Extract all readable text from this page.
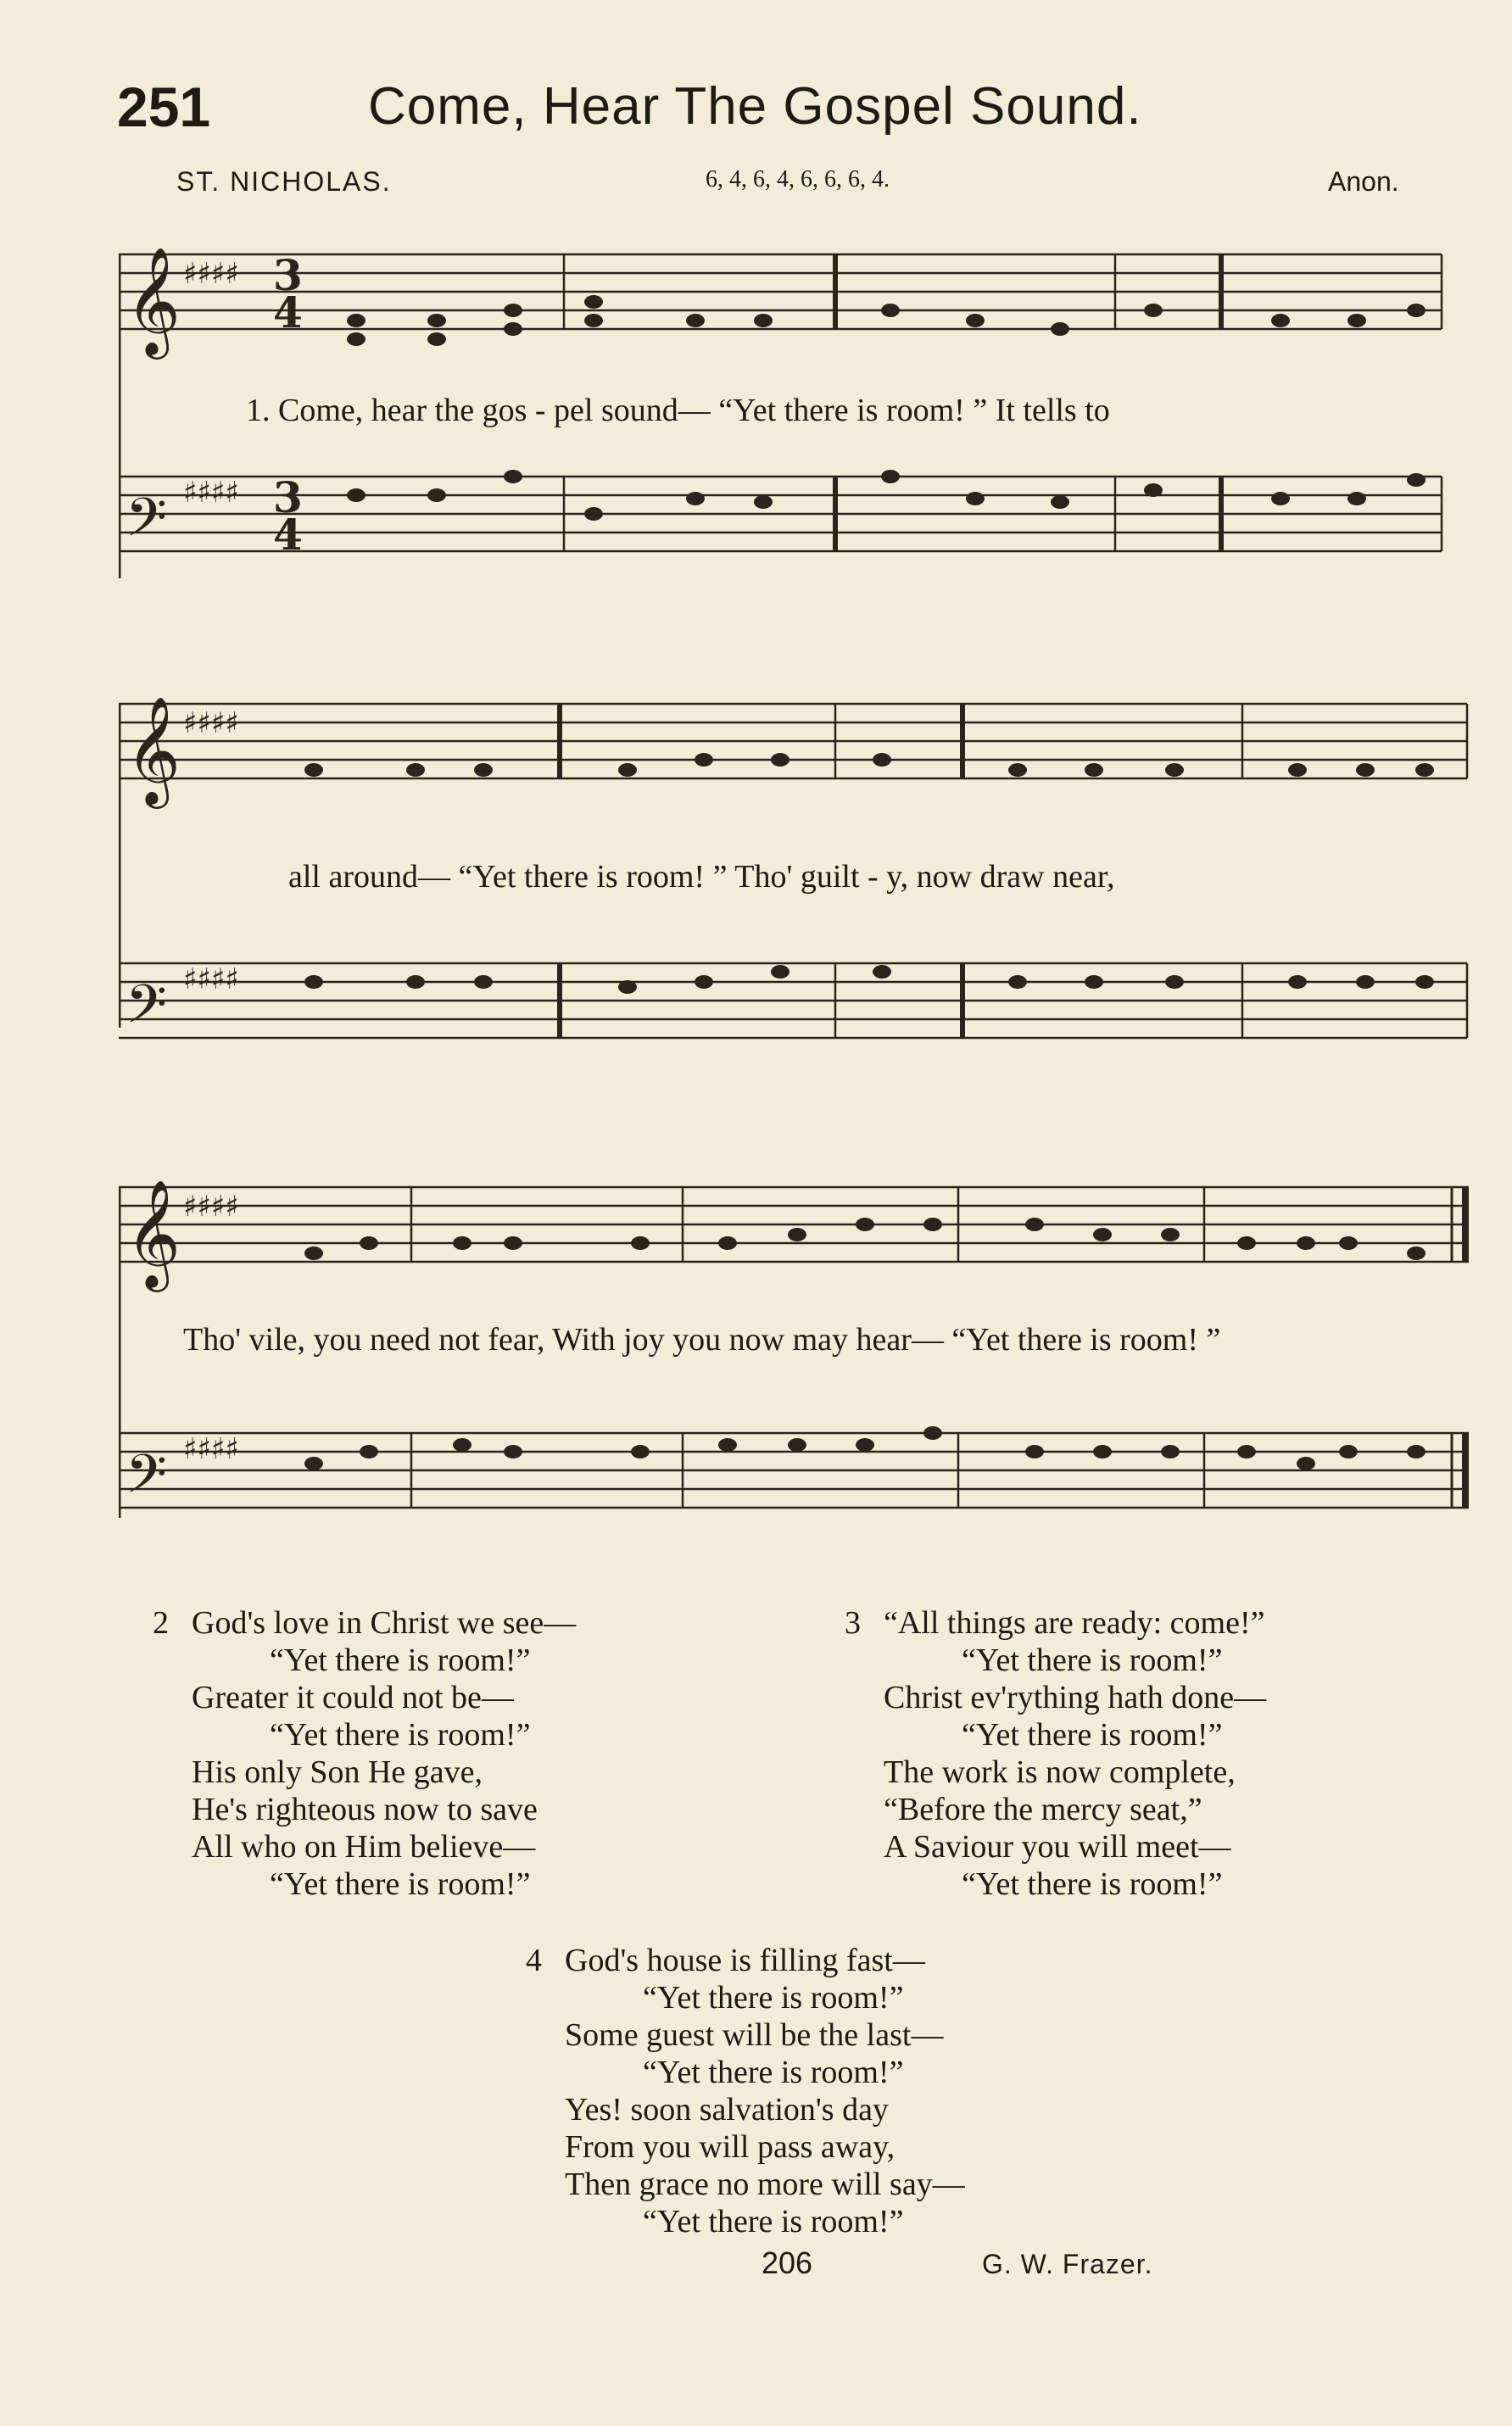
251	Come, Hear The Gospel Sound.
ST. NICHOLAS.	6, 4, 6, 4, 6, 6, 6, 4.	Anon.
𝄞
𝄢
♯♯♯♯
♯♯♯♯
3
4
3
4
1. Come, hear the gos - pel sound— “Yet there is room! ” It tells to
𝄞
𝄢
♯♯♯♯
♯♯♯♯
all around— “Yet there is room! ” Tho' guilt - y, now draw near,
𝄞
𝄢
♯♯♯♯
♯♯♯♯
Tho' vile, you need not fear, With joy you now may hear— “Yet there is room! ”
2 God's love in Christ we see—
“Yet there is room!”
Greater it could not be—
“Yet there is room!”
His only Son He gave,
He's righteous now to save
All who on Him believe—
“Yet there is room!”
3 “All things are ready: come!”
“Yet there is room!”
Christ ev'rything hath done—
“Yet there is room!”
The work is now complete,
“Before the mercy seat,”
A Saviour you will meet—
“Yet there is room!”
4 God's house is filling fast—
“Yet there is room!”
Some guest will be the last—
“Yet there is room!”
Yes! soon salvation's day
From you will pass away,
Then grace no more will say—
“Yet there is room!”
206	G. W. Frazer.
